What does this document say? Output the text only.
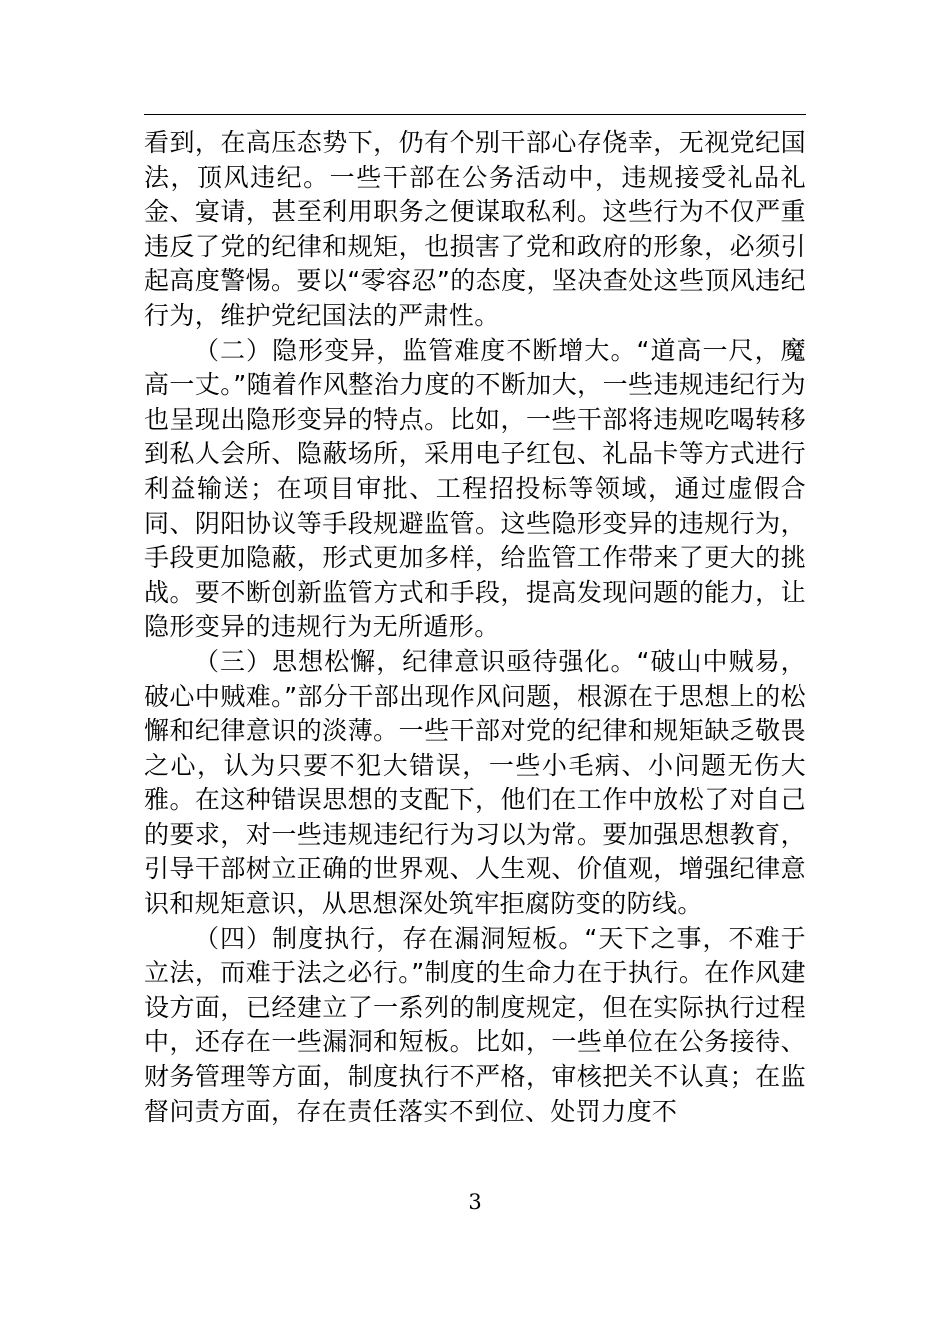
看到，在高压态势下，仍有个别干部心存侥幸，无视党纪国法，顶风违纪。一些干部在公务活动中，违规接受礼品礼金、宴请，甚至利用职务之便谋取私利。这些行为不仅严重违反了党的纪律和规矩，也损害了党和政府的形象，必须引起高度警惕。要以“零容忍”的态度，坚决查处这些顶风违纪行为，维护党纪国法的严肃性。

（二）隐形变异，监管难度不断增大。“道高一尺，魔高一丈。”随着作风整治力度的不断加大，一些违规违纪行为也呈现出隐形变异的特点。比如，一些干部将违规吃喝转移到私人会所、隐蔽场所，采用电子红包、礼品卡等方式进行利益输送；在项目审批、工程招投标等领域，通过虚假合同、阴阳协议等手段规避监管。这些隐形变异的违规行为，手段更加隐蔽，形式更加多样，给监管工作带来了更大的挑战。要不断创新监管方式和手段，提高发现问题的能力，让隐形变异的违规行为无所遁形。

（三）思想松懈，纪律意识亟待强化。“破山中贼易，破心中贼难。”部分干部出现作风问题，根源在于思想上的松懈和纪律意识的淡薄。一些干部对党的纪律和规矩缺乏敬畏之心，认为只要不犯大错误，一些小毛病、小问题无伤大雅。在这种错误思想的支配下，他们在工作中放松了对自己的要求，对一些违规违纪行为习以为常。要加强思想教育，引导干部树立正确的世界观、人生观、价值观，增强纪律意识和规矩意识，从思想深处筑牢拒腐防变的防线。

（四）制度执行，存在漏洞短板。“天下之事，不难于立法，而难于法之必行。”制度的生命力在于执行。在作风建设方面，已经建立了一系列的制度规定，但在实际执行过程中，还存在一些漏洞和短板。比如，一些单位在公务接待、财务管理等方面，制度执行不严格，审核把关不认真；在监督问责方面，存在责任落实不到位、处罚力度不

3
